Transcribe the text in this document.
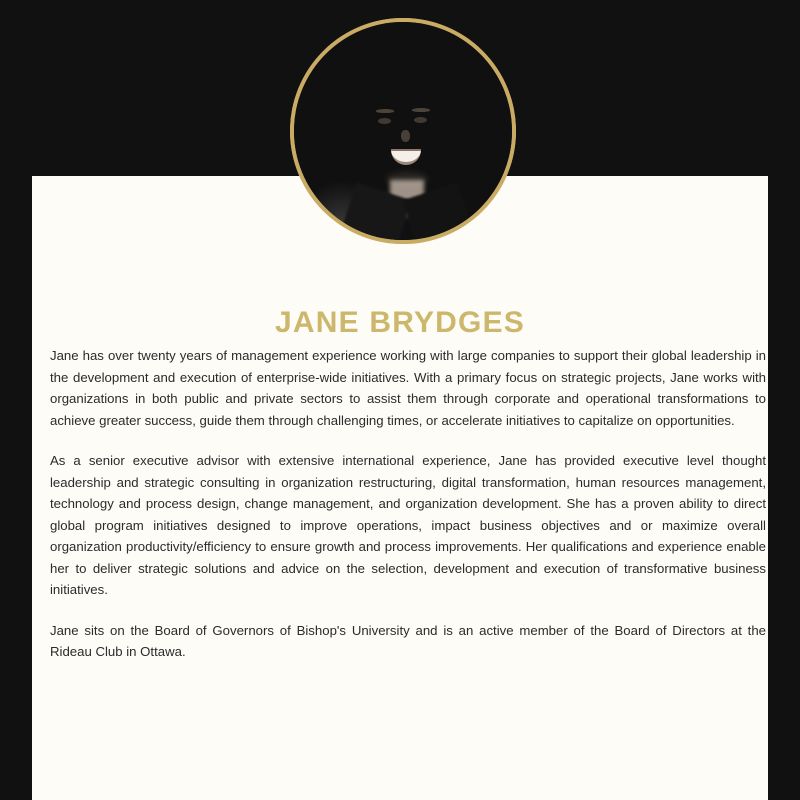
JANE BRYDGES

Jane has over twenty years of management experience working with large companies to support their global leadership in the development and execution of enterprise-wide initiatives. With a primary focus on strategic projects, Jane works with organizations in both public and private sectors to assist them through corporate and operational transformations to achieve greater success, guide them through challenging times, or accelerate initiatives to capitalize on opportunities.

As a senior executive advisor with extensive international experience, Jane has provided executive level thought leadership and strategic consulting in organization restructuring, digital transformation, human resources management, technology and process design, change management, and organization development. She has a proven ability to direct global program initiatives designed to improve operations, impact business objectives and or maximize overall organization productivity/efficiency to ensure growth and process improvements. Her qualifications and experience enable her to deliver strategic solutions and advice on the selection, development and execution of transformative business initiatives.

Jane sits on the Board of Governors of Bishop's University and is an active member of the Board of Directors at the Rideau Club in Ottawa.
